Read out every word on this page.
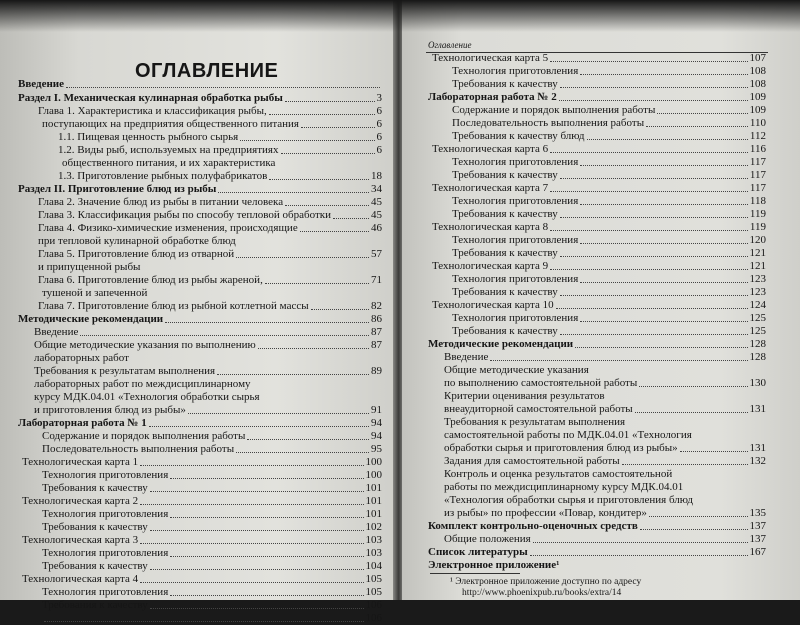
ОГЛАВЛЕНИЕ
Введение
Раздел I. Механическая кулинарная обработка рыбы	3
Глава 1. Характеристика и классификация рыбы,	6
поступающих на предприятия общественного питания	6
1.1. Пищевая ценность рыбного сырья	6
1.2. Виды рыб, используемых на предприятиях	6
общественного питания, и их характеристика
1.3. Приготовление рыбных полуфабрикатов	18
Раздел II. Приготовление блюд из рыбы	34
Глава 2. Значение блюд из рыбы в питании человека	45
Глава 3. Классификация рыбы по способу тепловой обработки	45
Глава 4. Физико-химические изменения, происходящие	46
при тепловой кулинарной обработке блюд
Глава 5. Приготовление блюд из отварной	57
и припущенной рыбы
Глава 6. Приготовление блюд из рыбы жареной,	71
тушеной и запеченной
Глава 7. Приготовление блюд из рыбной котлетной массы	82
Методические рекомендации	86
Введение	87
Общие методические указания по выполнению	87
лабораторных работ
Требования к результатам выполнения	89
лабораторных работ по междисциплинарному
курсу МДК.04.01 «Технология обработки сырья
и приготовления блюд из рыбы»	91
Лабораторная работа № 1	94
Содержание и порядок выполнения работы	94
Последовательность выполнения работы	95
Технологическая карта 1	100
Технология приготовления	100
Требования к качеству	101
Технологическая карта 2	101
Технология приготовления	101
Требования к качеству	102
Технологическая карта 3	103
Технология приготовления	103
Требования к качеству	104
Технологическая карта 4	105
Технология приготовления	105
Требования к качеству	106
106
Оглавление
Технологическая карта 5	107
Технология приготовления	108
Требования к качеству	108
Лабораторная работа № 2	109
Содержание и порядок выполнения работы	109
Последовательность выполнения работы	110
Требования к качеству блюд	112
Технологическая карта 6	116
Технология приготовления	117
Требования к качеству	117
Технологическая карта 7	117
Технология приготовления	118
Требования к качеству	119
Технологическая карта 8	119
Технология приготовления	120
Требования к качеству	121
Технологическая карта 9	121
Технология приготовления	123
Требования к качеству	123
Технологическая карта 10	124
Технология приготовления	125
Требования к качеству	125
Методические рекомендации	128
Введение	128
Общие методические указания
по выполнению самостоятельной работы	130
Критерии оценивания результатов
внеаудиторной самостоятельной работы	131
Требования к результатам выполнения
самостоятельной работы по МДК.04.01 «Технология
обработки сырья и приготовления блюд из рыбы»	131
Задания для самостоятельной работы	132
Контроль и оценка результатов самостоятельной
работы по междисциплинарному курсу МДК.04.01
«Технология обработки сырья и приготовления блюд
из рыбы» по профессии «Повар, кондитер»	135
Комплект контрольно-оценочных средств	137
Общие положения	137
Список литературы	167
Электронное приложение¹
¹ Электронное приложение доступно по адресу
http://www.phoenixpub.ru/books/extra/14
